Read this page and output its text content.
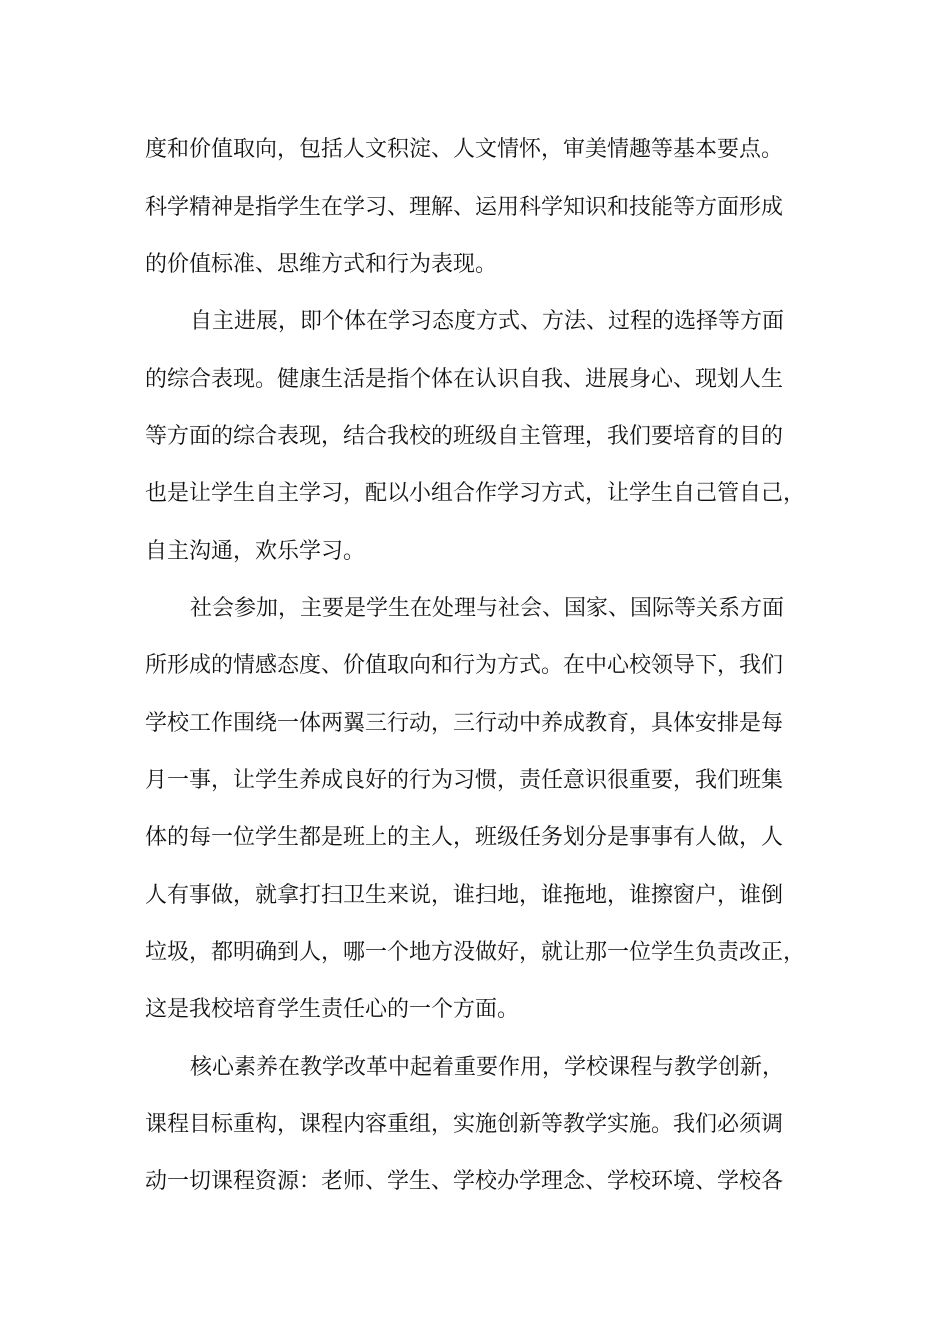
度和价值取向，包括人文积淀、人文情怀，审美情趣等基本要点。

科学精神是指学生在学习、理解、运用科学知识和技能等方面形成

的价值标准、思维方式和行为表现。

自主进展，即个体在学习态度方式、方法、过程的选择等方面

的综合表现。健康生活是指个体在认识自我、进展身心、现划人生

等方面的综合表现，结合我校的班级自主管理，我们要培育的目的

也是让学生自主学习，配以小组合作学习方式，让学生自己管自己，

自主沟通，欢乐学习。

社会参加，主要是学生在处理与社会、国家、国际等关系方面

所形成的情感态度、价值取向和行为方式。在中心校领导下，我们

学校工作围绕一体两翼三行动，三行动中养成教育，具体安排是每

月一事，让学生养成良好的行为习惯，责任意识很重要，我们班集

体的每一位学生都是班上的主人，班级任务划分是事事有人做，人

人有事做，就拿打扫卫生来说，谁扫地，谁拖地，谁擦窗户，谁倒

垃圾，都明确到人，哪一个地方没做好，就让那一位学生负责改正，

这是我校培育学生责任心的一个方面。

核心素养在教学改革中起着重要作用，学校课程与教学创新，

课程目标重构，课程内容重组，实施创新等教学实施。我们必须调

动一切课程资源：老师、学生、学校办学理念、学校环境、学校各
